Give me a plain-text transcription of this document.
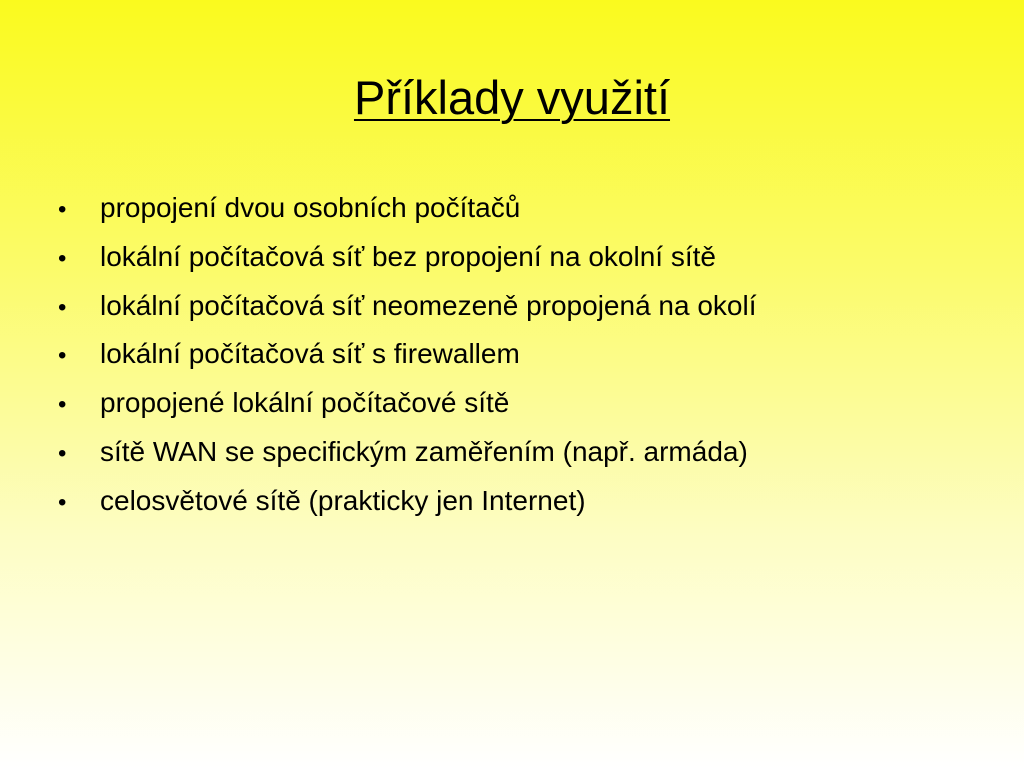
Příklady využití
•	propojení dvou osobních počítačů
•	lokální počítačová síť bez propojení na okolní sítě
•	lokální počítačová síť neomezeně propojená na okolí
•	lokální počítačová síť s firewallem
•	propojené lokální počítačové sítě
•	sítě WAN se specifickým zaměřením (např. armáda)
•	celosvětové sítě (prakticky jen Internet)
